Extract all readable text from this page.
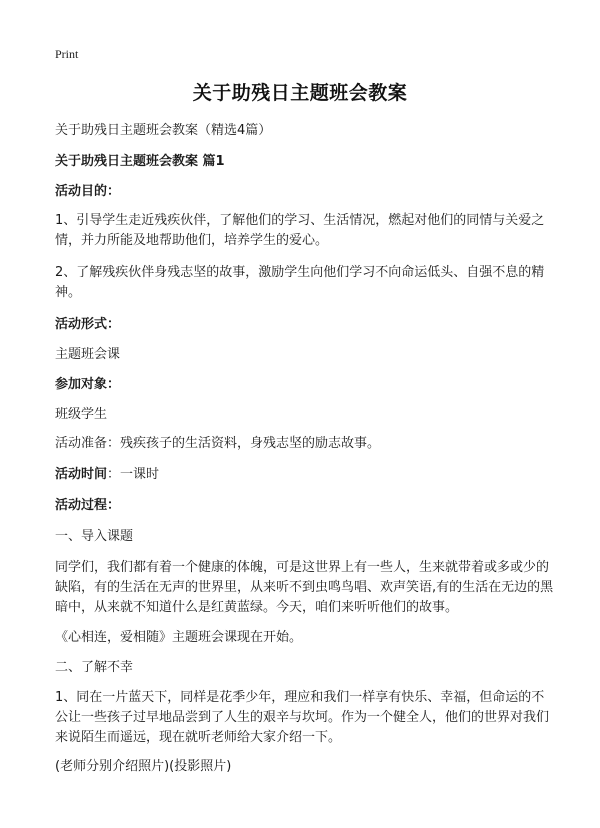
Print
关于助残日主题班会教案
关于助残日主题班会教案（精选4篇）
关于助残日主题班会教案 篇1
活动目的：
1、引导学生走近残疾伙伴，了解他们的学习、生活情况，燃起对他们的同情与关爱之情，并力所能及地帮助他们，培养学生的爱心。
2、了解残疾伙伴身残志坚的故事，激励学生向他们学习不向命运低头、自强不息的精神。
活动形式：
主题班会课
参加对象：
班级学生
活动准备：残疾孩子的生活资料，身残志坚的励志故事。
活动时间：一课时
活动过程：
一、导入课题
同学们，我们都有着一个健康的体魄，可是这世界上有一些人，生来就带着或多或少的缺陷，有的生活在无声的世界里，从来听不到虫鸣鸟唱、欢声笑语,有的生活在无边的黑暗中，从来就不知道什么是红黄蓝绿。今天，咱们来听听他们的故事。
《心相连，爱相随》主题班会课现在开始。
二、了解不幸
1、同在一片蓝天下，同样是花季少年，理应和我们一样享有快乐、幸福，但命运的不公让一些孩子过早地品尝到了人生的艰辛与坎坷。作为一个健全人，他们的世界对我们来说陌生而遥远，现在就听老师给大家介绍一下。
(老师分别介绍照片)(投影照片)
